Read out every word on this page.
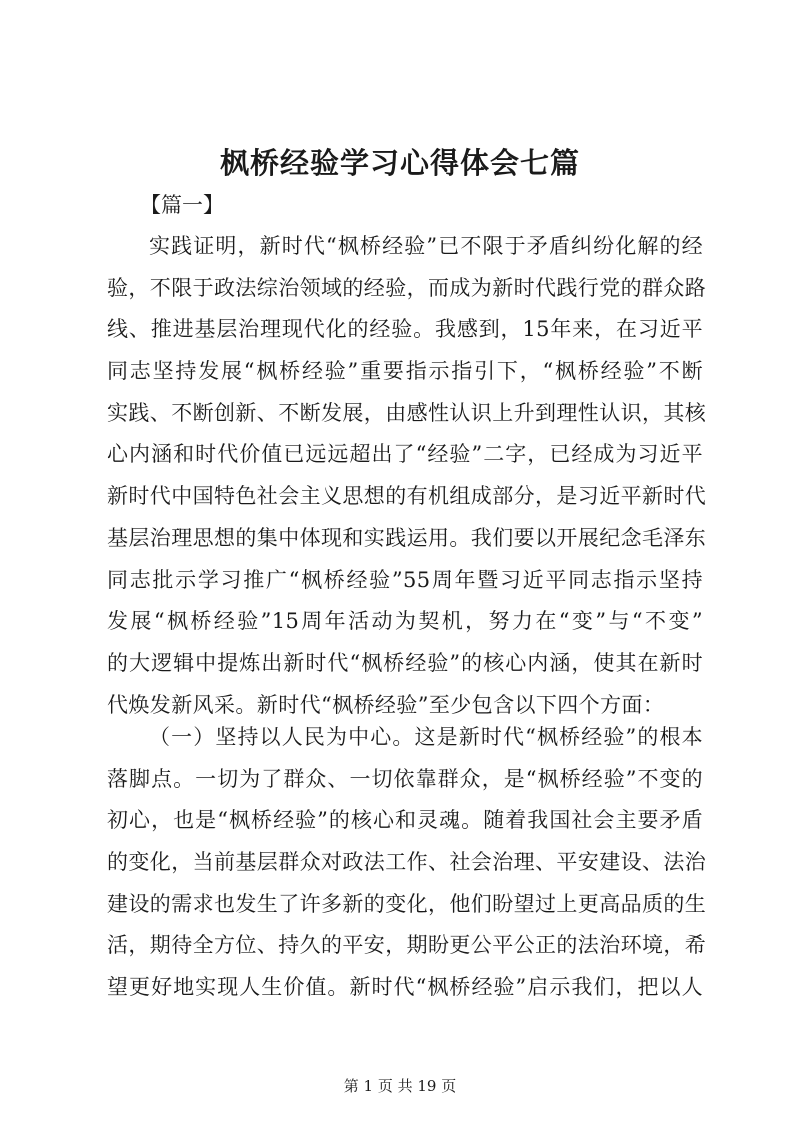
枫桥经验学习心得体会七篇
【篇一】
实践证明，新时代“枫桥经验”已不限于矛盾纠纷化解的经
验，不限于政法综治领域的经验，而成为新时代践行党的群众路
线、推进基层治理现代化的经验。我感到，15年来，在习近平
同志坚持发展“枫桥经验”重要指示指引下，“枫桥经验”不断
实践、不断创新、不断发展，由感性认识上升到理性认识，其核
心内涵和时代价值已远远超出了“经验”二字，已经成为习近平
新时代中国特色社会主义思想的有机组成部分，是习近平新时代
基层治理思想的集中体现和实践运用。我们要以开展纪念毛泽东
同志批示学习推广“枫桥经验”55周年暨习近平同志指示坚持
发展“枫桥经验”15周年活动为契机，努力在“变”与“不变”
的大逻辑中提炼出新时代“枫桥经验”的核心内涵，使其在新时
代焕发新风采。新时代“枫桥经验”至少包含以下四个方面：
（一）坚持以人民为中心。这是新时代“枫桥经验”的根本
落脚点。一切为了群众、一切依靠群众，是“枫桥经验”不变的
初心，也是“枫桥经验”的核心和灵魂。随着我国社会主要矛盾
的变化，当前基层群众对政法工作、社会治理、平安建设、法治
建设的需求也发生了许多新的变化，他们盼望过上更高品质的生
活，期待全方位、持久的平安，期盼更公平公正的法治环境，希
望更好地实现人生价值。新时代“枫桥经验”启示我们，把以人
第 1 页 共 19 页
